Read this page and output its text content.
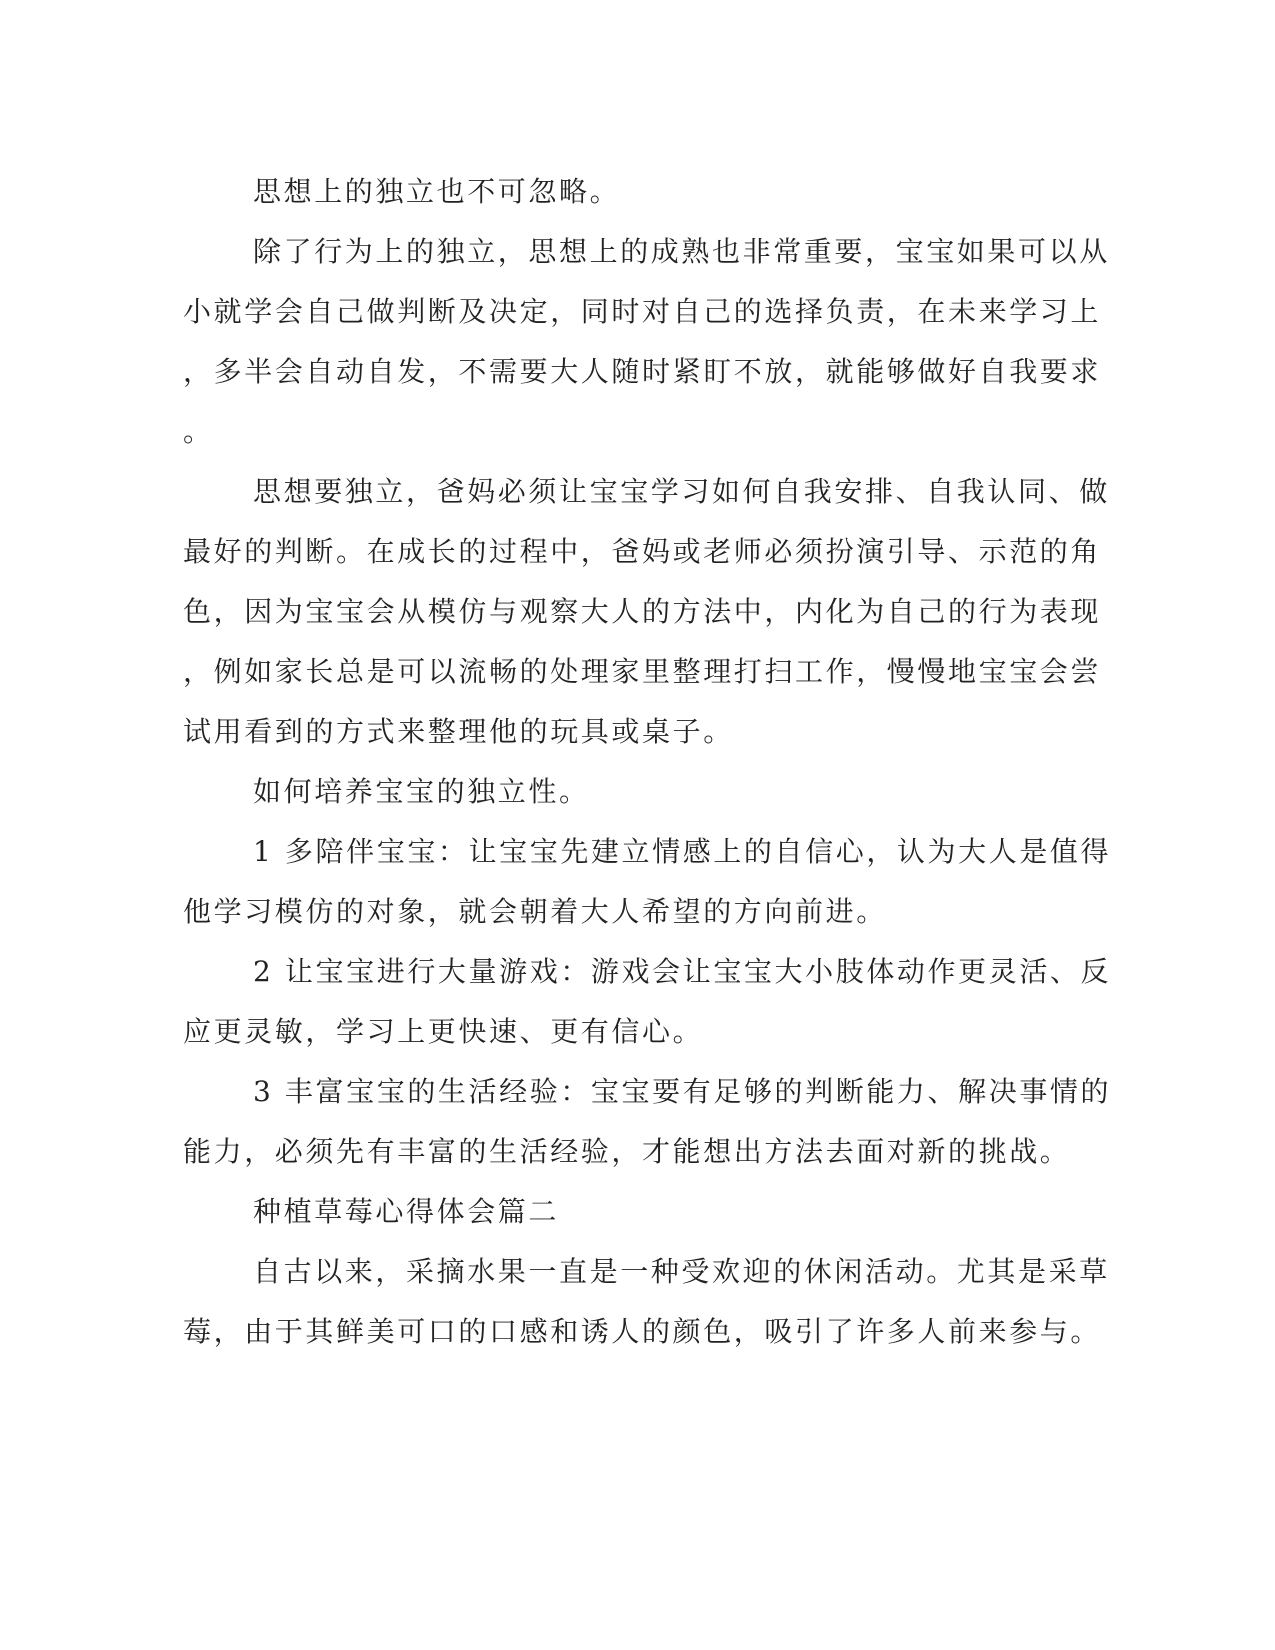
思想上的独立也不可忽略。
除了行为上的独立，思想上的成熟也非常重要，宝宝如果可以从
小就学会自己做判断及决定，同时对自己的选择负责，在未来学习上
，多半会自动自发，不需要大人随时紧盯不放，就能够做好自我要求
。
思想要独立，爸妈必须让宝宝学习如何自我安排、自我认同、做
最好的判断。在成长的过程中，爸妈或老师必须扮演引导、示范的角
色，因为宝宝会从模仿与观察大人的方法中，内化为自己的行为表现
，例如家长总是可以流畅的处理家里整理打扫工作，慢慢地宝宝会尝
试用看到的方式来整理他的玩具或桌子。
如何培养宝宝的独立性。
1 多陪伴宝宝：让宝宝先建立情感上的自信心，认为大人是值得
他学习模仿的对象，就会朝着大人希望的方向前进。
2 让宝宝进行大量游戏：游戏会让宝宝大小肢体动作更灵活、反
应更灵敏，学习上更快速、更有信心。
3 丰富宝宝的生活经验：宝宝要有足够的判断能力、解决事情的
能力，必须先有丰富的生活经验，才能想出方法去面对新的挑战。
种植草莓心得体会篇二
自古以来，采摘水果一直是一种受欢迎的休闲活动。尤其是采草
莓，由于其鲜美可口的口感和诱人的颜色，吸引了许多人前来参与。
